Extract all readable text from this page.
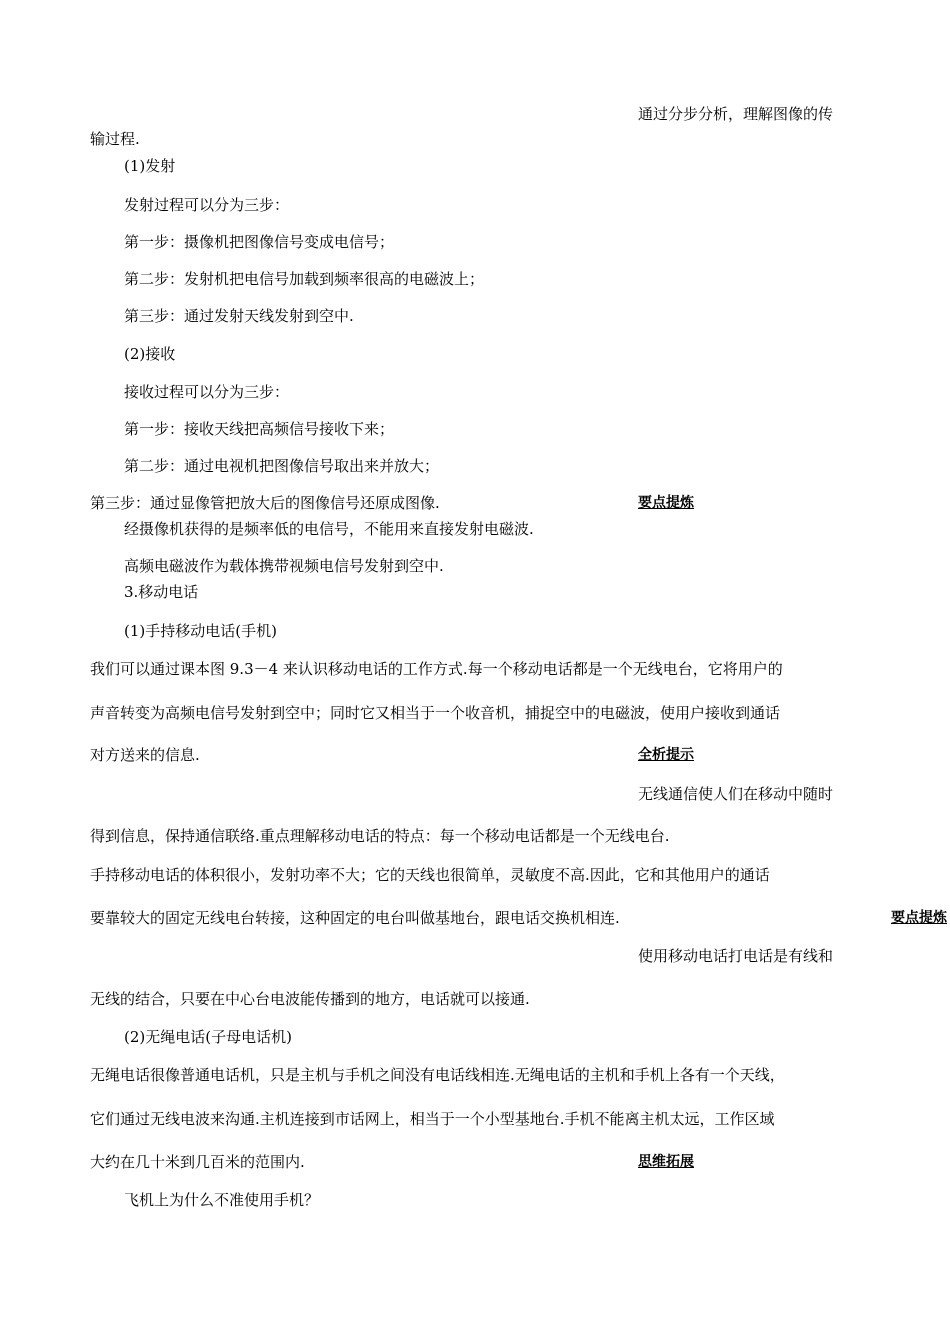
通过分步分析，理解图像的传
输过程.
(1)发射
发射过程可以分为三步：
第一步：摄像机把图像信号变成电信号；
第二步：发射机把电信号加载到频率很高的电磁波上；
第三步：通过发射天线发射到空中.
(2)接收
接收过程可以分为三步：
第一步：接收天线把高频信号接收下来；
第二步：通过电视机把图像信号取出来并放大；
第三步：通过显像管把放大后的图像信号还原成图像.	要点提炼
经摄像机获得的是频率低的电信号，不能用来直接发射电磁波.
高频电磁波作为载体携带视频电信号发射到空中.
3.移动电话
(1)手持移动电话(手机)
我们可以通过课本图 9.3－4 来认识移动电话的工作方式.每一个移动电话都是一个无线电台，它将用户的
声音转变为高频电信号发射到空中；同时它又相当于一个收音机，捕捉空中的电磁波，使用户接收到通话
对方送来的信息.	全析提示
无线通信使人们在移动中随时
得到信息，保持通信联络.重点理解移动电话的特点：每一个移动电话都是一个无线电台.
手持移动电话的体积很小，发射功率不大；它的天线也很简单，灵敏度不高.因此，它和其他用户的通话
要靠较大的固定无线电台转接，这种固定的电台叫做基地台，跟电话交换机相连.	要点提炼
使用移动电话打电话是有线和
无线的结合，只要在中心台电波能传播到的地方，电话就可以接通.
(2)无绳电话(子母电话机)
无绳电话很像普通电话机，只是主机与手机之间没有电话线相连.无绳电话的主机和手机上各有一个天线，
它们通过无线电波来沟通.主机连接到市话网上，相当于一个小型基地台.手机不能离主机太远，工作区域
大约在几十米到几百米的范围内.	思维拓展
飞机上为什么不准使用手机？
